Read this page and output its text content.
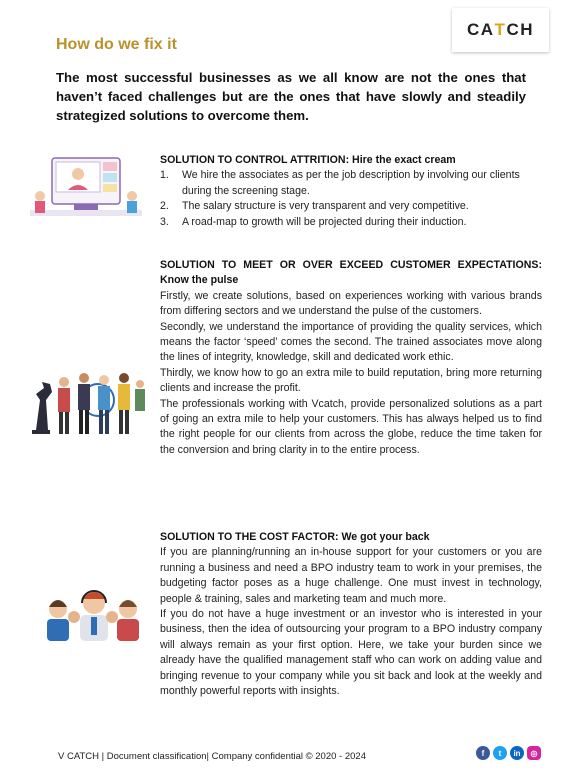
CA T CH
How do we fix it
The most successful businesses as we all know are not the ones that haven’t faced challenges but are the ones that have slowly and steadily strategized solutions to overcome them.
SOLUTION TO CONTROL ATTRITION: Hire the exact cream
1.	We hire the associates as per the job description by involving our clients during the screening stage.
2.	The salary structure is very transparent and very competitive.
3.	A road-map to growth will be projected during their induction.
SOLUTION TO MEET OR OVER EXCEED CUSTOMER EXPECTATIONS: Know the pulse

Firstly, we create solutions, based on experiences working with various brands from differing sectors and we understand the pulse of the customers.

Secondly, we understand the importance of providing the quality services, which means the factor ‘speed’ comes the second. The trained associates move along the lines of integrity, knowledge, skill and dedicated work ethic.

Thirdly, we know how to go an extra mile to build reputation, bring more returning clients and increase the profit.

The professionals working with Vcatch, provide personalized solutions as a part of going an extra mile to help your customers. This has always helped us to find the right people for our clients from across the globe, reduce the time taken for the conversion and bring clarity in to the entire process.

SOLUTION TO THE COST FACTOR: We got your back

If you are planning/running an in-house support for your customers or you are running a business and need a BPO industry team to work in your premises, the budgeting factor poses as a huge challenge. One must invest in technology, people & training, sales and marketing team and much more.

If you do not have a huge investment or an investor who is interested in your business, then the idea of outsourcing your program to a BPO industry company will always remain as your first option. Here, we take your burden since we already have the qualified management staff who can work on adding value and bringing revenue to your company while you sit back and look at the weekly and monthly powerful reports with insights.

V CATCH | Document classification| Company confidential © 2020 - 2024	f	t	in	◎
